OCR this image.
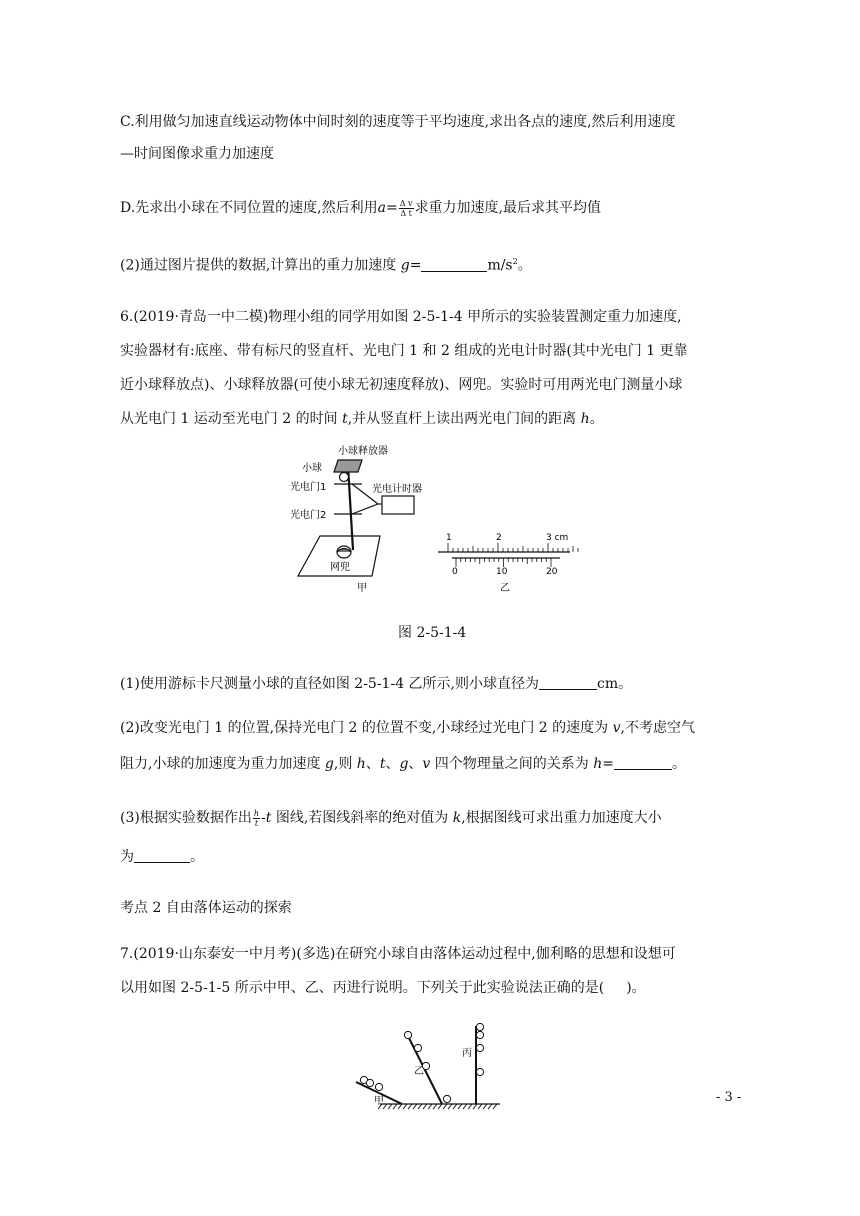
C.利用做匀加速直线运动物体中间时刻的速度等于平均速度,求出各点的速度,然后利用速度
—时间图像求重力加速度
D.先求出小球在不同位置的速度,然后利用$a= \frac{\text{Δ v}}{\text{Δ t}}$ 求重力加速度,最后求其平均值
(2)通过图片提供的数据,计算出的重力加速度 g=	$m/s^2$。
6.(2019·青岛一中二模)物理小组的同学用如图 2-5-1-4 甲所示的实验装置测定重力加速度,
实验器材有:底座、带有标尺的竖直杆、光电门 1 和 2 组成的光电计时器(其中光电门 1 更靠
近小球释放点)、小球释放器(可使小球无初速度释放)、网兜。实验时可用两光电门测量小球
从光电门 1 运动至光电门 2 的时间 t,并从竖直杆上读出两光电门间的距离 h。
小球释放器
小球
光电门1
光电门2
光电计时器
网兜
甲	乙
1	2	3 cm
0	10	20
图 2-5-1-4
(1)使用游标卡尺测量小球的直径如图 2-5-1-4 乙所示,则小球直径为	cm。
(2)改变光电门 1 的位置,保持光电门 2 的位置不变,小球经过光电门 2 的速度为 v,不考虑空气
阻力,小球的加速度为重力加速度 g,则 h、t、g、v 四个物理量之间的关系为 h=	。
(3)根据实验数据作出 $\frac{h}{t} -t$ 图线,若图线斜率的绝对值为 k,根据图线可求出重力加速度大小
为	。
考点 2 自由落体运动的探索
7.(2019·山东泰安一中月考)(多选)在研究小球自由落体运动过程中,伽利略的思想和设想可
以用如图 2-5-1-5 所示中甲、乙、丙进行说明。下列关于此实验说法正确的是( )。
甲
乙
丙
- 3 -
